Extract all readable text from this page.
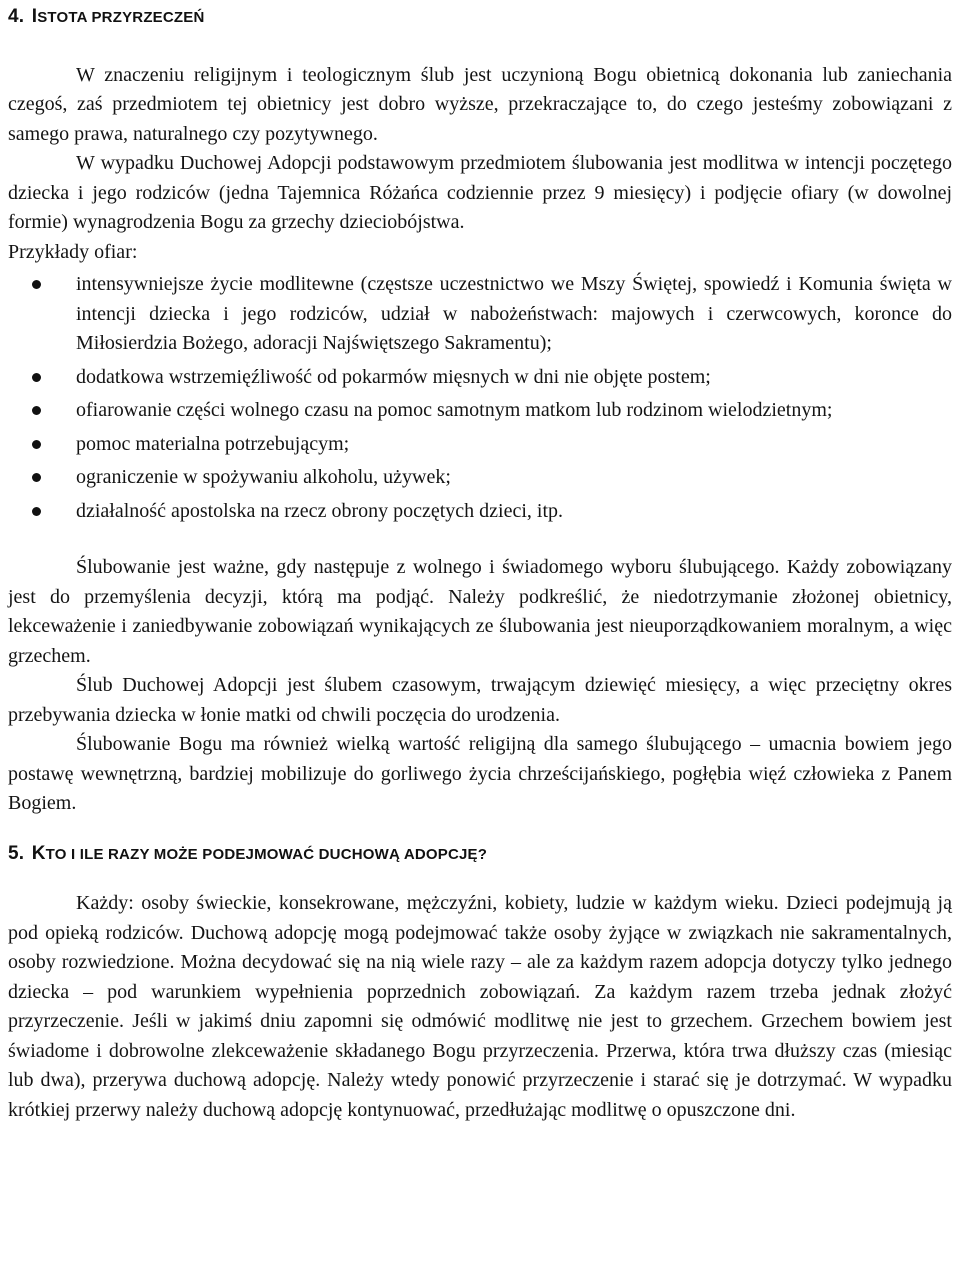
4. ISTOTA PRZYRZECZEŃ

W znaczeniu religijnym i teologicznym ślub jest uczynioną Bogu obietnicą dokonania lub zaniechania czegoś, zaś przedmiotem tej obietnicy jest dobro wyższe, przekraczające to, do czego jesteśmy zobowiązani z samego prawa, naturalnego czy pozytywnego.

W wypadku Duchowej Adopcji podstawowym przedmiotem ślubowania jest modlitwa w intencji poczętego dziecka i jego rodziców (jedna Tajemnica Różańca codziennie przez 9 miesięcy) i podjęcie ofiary (w dowolnej formie) wynagrodzenia Bogu za grzechy dzieciobójstwa.

Przykłady ofiar:

intensywniejsze życie modlitewne (częstsze uczestnictwo we Mszy Świętej, spowiedź i Komunia święta w intencji dziecka i jego rodziców, udział w nabożeństwach: majowych i czerwcowych, koronce do Miłosierdzia Bożego, adoracji Najświętszego Sakramentu);
dodatkowa wstrzemięźliwość od pokarmów mięsnych w dni nie objęte postem;
ofiarowanie części wolnego czasu na pomoc samotnym matkom lub rodzinom wielodzietnym;
pomoc materialna potrzebującym;
ograniczenie w spożywaniu alkoholu, używek;
działalność apostolska na rzecz obrony poczętych dzieci, itp.

Ślubowanie jest ważne, gdy następuje z wolnego i świadomego wyboru ślubującego. Każdy zobowiązany jest do przemyślenia decyzji, którą ma podjąć. Należy podkreślić, że niedotrzymanie złożonej obietnicy, lekceważenie i zaniedbywanie zobowiązań wynikających ze ślubowania jest nieuporządkowaniem moralnym, a więc grzechem.

Ślub Duchowej Adopcji jest ślubem czasowym, trwającym dziewięć miesięcy, a więc przeciętny okres przebywania dziecka w łonie matki od chwili poczęcia do urodzenia.

Ślubowanie Bogu ma również wielką wartość religijną dla samego ślubującego – umacnia bowiem jego postawę wewnętrzną, bardziej mobilizuje do gorliwego życia chrześcijańskiego, pogłębia więź człowieka z Panem Bogiem.

5. KTO I ILE RAZY MOŻE PODEJMOWAĆ DUCHOWĄ ADOPCJĘ?

Każdy: osoby świeckie, konsekrowane, mężczyźni, kobiety, ludzie w każdym wieku. Dzieci podejmują ją pod opieką rodziców. Duchową adopcję mogą podejmować także osoby żyjące w związkach nie sakramentalnych, osoby rozwiedzione. Można decydować się na nią wiele razy – ale za każdym razem adopcja dotyczy tylko jednego dziecka – pod warunkiem wypełnienia poprzednich zobowiązań. Za każdym razem trzeba jednak złożyć przyrzeczenie. Jeśli w jakimś dniu zapomni się odmówić modlitwę nie jest to grzechem. Grzechem bowiem jest świadome i dobrowolne zlekceważenie składanego Bogu przyrzeczenia. Przerwa, która trwa dłuższy czas (miesiąc lub dwa), przerywa duchową adopcję. Należy wtedy ponowić przyrzeczenie i starać się je dotrzymać. W wypadku krótkiej przerwy należy duchową adopcję kontynuować, przedłużając modlitwę o opuszczone dni.
